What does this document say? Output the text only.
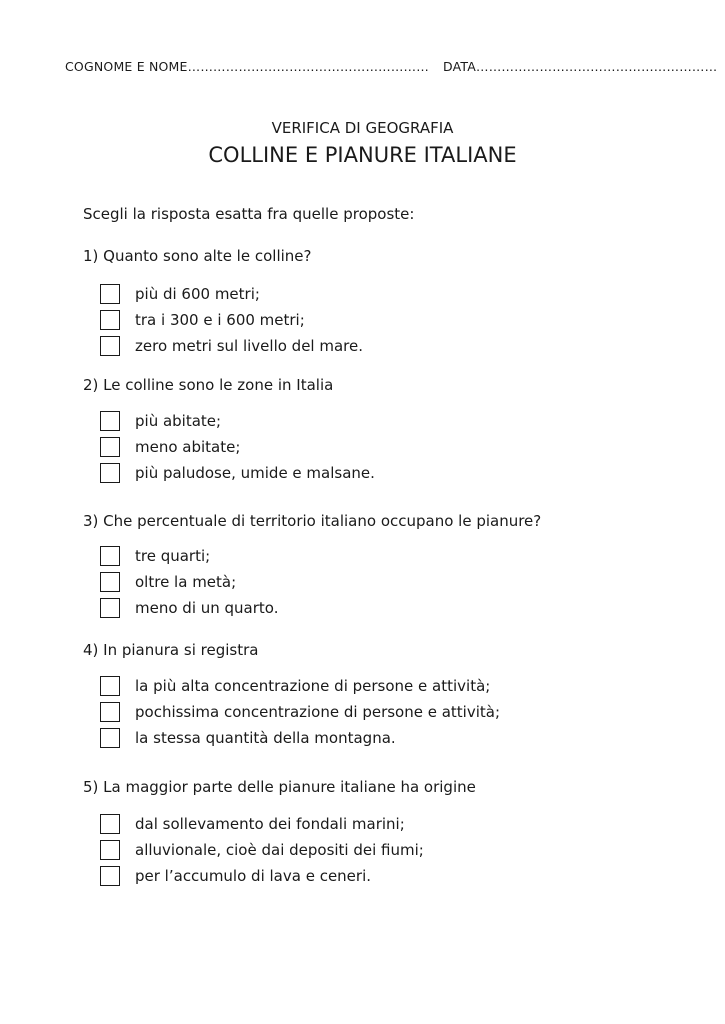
COGNOME E NOME………………………………………………… DATA…………………………………………………
VERIFICA DI GEOGRAFIA
COLLINE E PIANURE ITALIANE
Scegli la risposta esatta fra quelle proposte:
1) Quanto sono alte le colline?
più di 600 metri;
tra i 300 e i 600 metri;
zero metri sul livello del mare.
2) Le colline sono le zone in Italia
più abitate;
meno abitate;
più paludose, umide e malsane.
3) Che percentuale di territorio italiano occupano le pianure?
tre quarti;
oltre la metà;
meno di un quarto.
4) In pianura si registra
la più alta concentrazione di persone e attività;
pochissima concentrazione di persone e attività;
la stessa quantità della montagna.
5) La maggior parte delle pianure italiane ha origine
dal sollevamento dei fondali marini;
alluvionale, cioè dai depositi dei fiumi;
per l’accumulo di lava e ceneri.
